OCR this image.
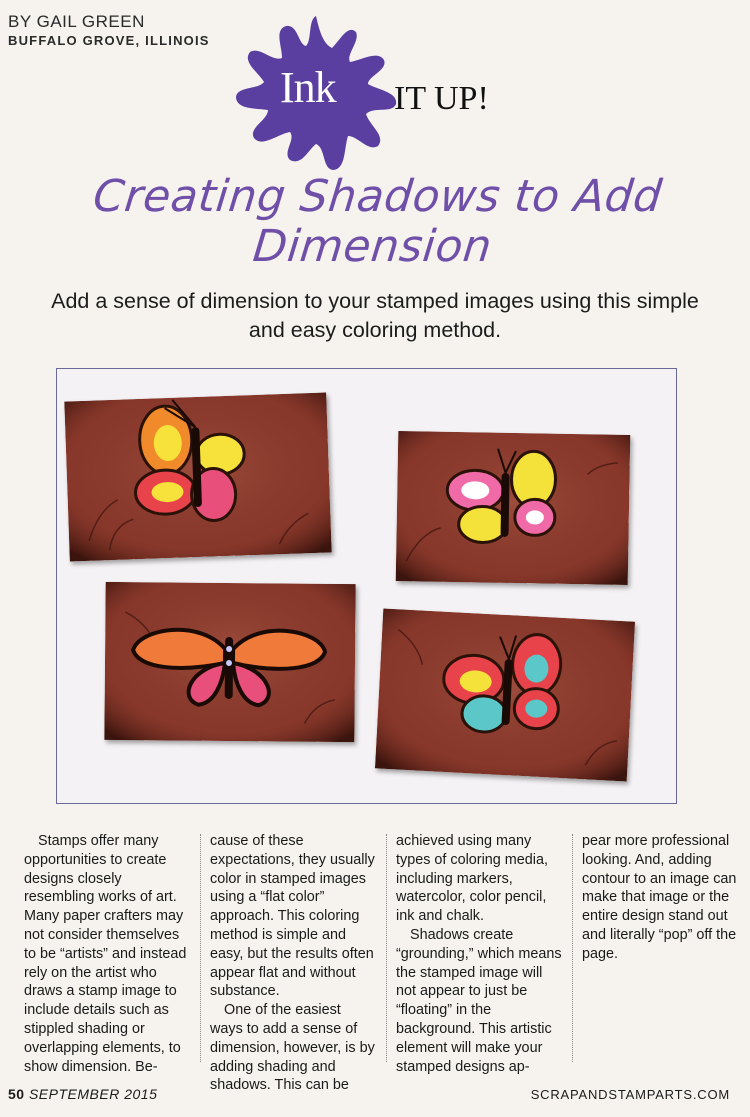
BY GAIL GREEN
BUFFALO GROVE, ILLINOIS
Ink IT UP!
Creating Shadows to Add
Dimension
Add a sense of dimension to your stamped images using this simple
and easy coloring method.

Stamps offer many opportunities to create designs closely resembling works of art. Many paper crafters may not consider themselves to be “artists” and instead rely on the artist who draws a stamp image to include details such as stippled shading or overlapping elements, to show dimension. Be-

cause of these expectations, they usually color in stamped images using a “flat color” approach. This coloring method is simple and easy, but the results often appear flat and without substance.

One of the easiest ways to add a sense of dimension, however, is by adding shading and shadows. This can be

achieved using many types of coloring media, including markers, watercolor, color pencil, ink and chalk.

Shadows create “grounding,” which means the stamped image will not appear to just be “floating” in the background. This artistic element will make your stamped designs ap-

pear more professional looking. And, adding contour to an image can make that image or the entire design stand out and literally “pop” off the page.

50 SEPTEMBER 2015	SCRAPANDSTAMPARTS.COM
